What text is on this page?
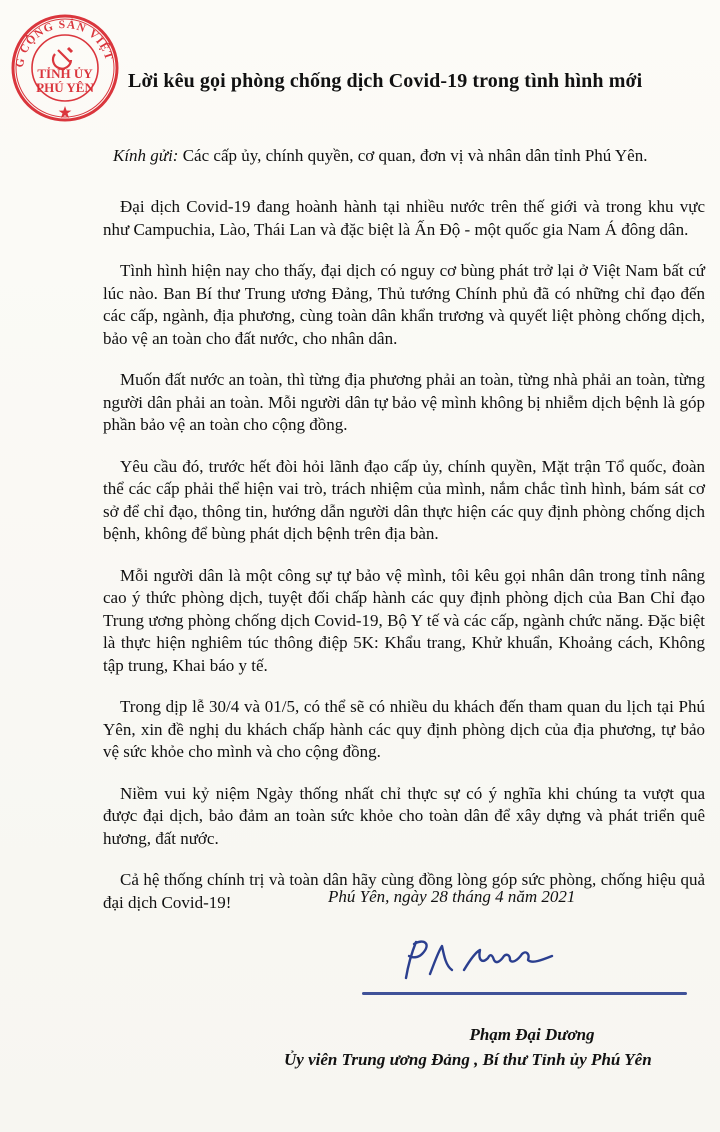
G CỘNG SẢN VIỆT
TỈNH ỦY
PHÚ YÊN Lời kêu gọi phòng chống dịch Covid-19 trong tình hình mới
Kính gửi: Các cấp ủy, chính quyền, cơ quan, đơn vị và nhân dân tỉnh Phú Yên.

Đại dịch Covid-19 đang hoành hành tại nhiều nước trên thế giới và trong khu vực như Campuchia, Lào, Thái Lan và đặc biệt là Ấn Độ - một quốc gia Nam Á đông dân.

Tình hình hiện nay cho thấy, đại dịch có nguy cơ bùng phát trở lại ở Việt Nam bất cứ lúc nào. Ban Bí thư Trung ương Đảng, Thủ tướng Chính phủ đã có những chỉ đạo đến các cấp, ngành, địa phương, cùng toàn dân khẩn trương và quyết liệt phòng chống dịch, bảo vệ an toàn cho đất nước, cho nhân dân.

Muốn đất nước an toàn, thì từng địa phương phải an toàn, từng nhà phải an toàn, từng người dân phải an toàn. Mỗi người dân tự bảo vệ mình không bị nhiễm dịch bệnh là góp phần bảo vệ an toàn cho cộng đồng.

Yêu cầu đó, trước hết đòi hỏi lãnh đạo cấp ủy, chính quyền, Mặt trận Tổ quốc, đoàn thể các cấp phải thể hiện vai trò, trách nhiệm của mình, nắm chắc tình hình, bám sát cơ sở để chỉ đạo, thông tin, hướng dẫn người dân thực hiện các quy định phòng chống dịch bệnh, không để bùng phát dịch bệnh trên địa bàn.

Mỗi người dân là một công sự tự bảo vệ mình, tôi kêu gọi nhân dân trong tỉnh nâng cao ý thức phòng dịch, tuyệt đối chấp hành các quy định phòng dịch của Ban Chỉ đạo Trung ương phòng chống dịch Covid-19, Bộ Y tế và các cấp, ngành chức năng. Đặc biệt là thực hiện nghiêm túc thông điệp 5K: Khẩu trang, Khử khuẩn, Khoảng cách, Không tập trung, Khai báo y tế.

Trong dịp lễ 30/4 và 01/5, có thể sẽ có nhiều du khách đến tham quan du lịch tại Phú Yên, xin đề nghị du khách chấp hành các quy định phòng dịch của địa phương, tự bảo vệ sức khỏe cho mình và cho cộng đồng.

Niềm vui kỷ niệm Ngày thống nhất chỉ thực sự có ý nghĩa khi chúng ta vượt qua được đại dịch, bảo đảm an toàn sức khỏe cho toàn dân để xây dựng và phát triển quê hương, đất nước.

Cả hệ thống chính trị và toàn dân hãy cùng đồng lòng góp sức phòng, chống hiệu quả đại dịch Covid-19!	Phú Yên, ngày 28 tháng 4 năm 2021
Phạm Đại Dương
Ủy viên Trung ương Đảng , Bí thư Tỉnh ủy Phú Yên
